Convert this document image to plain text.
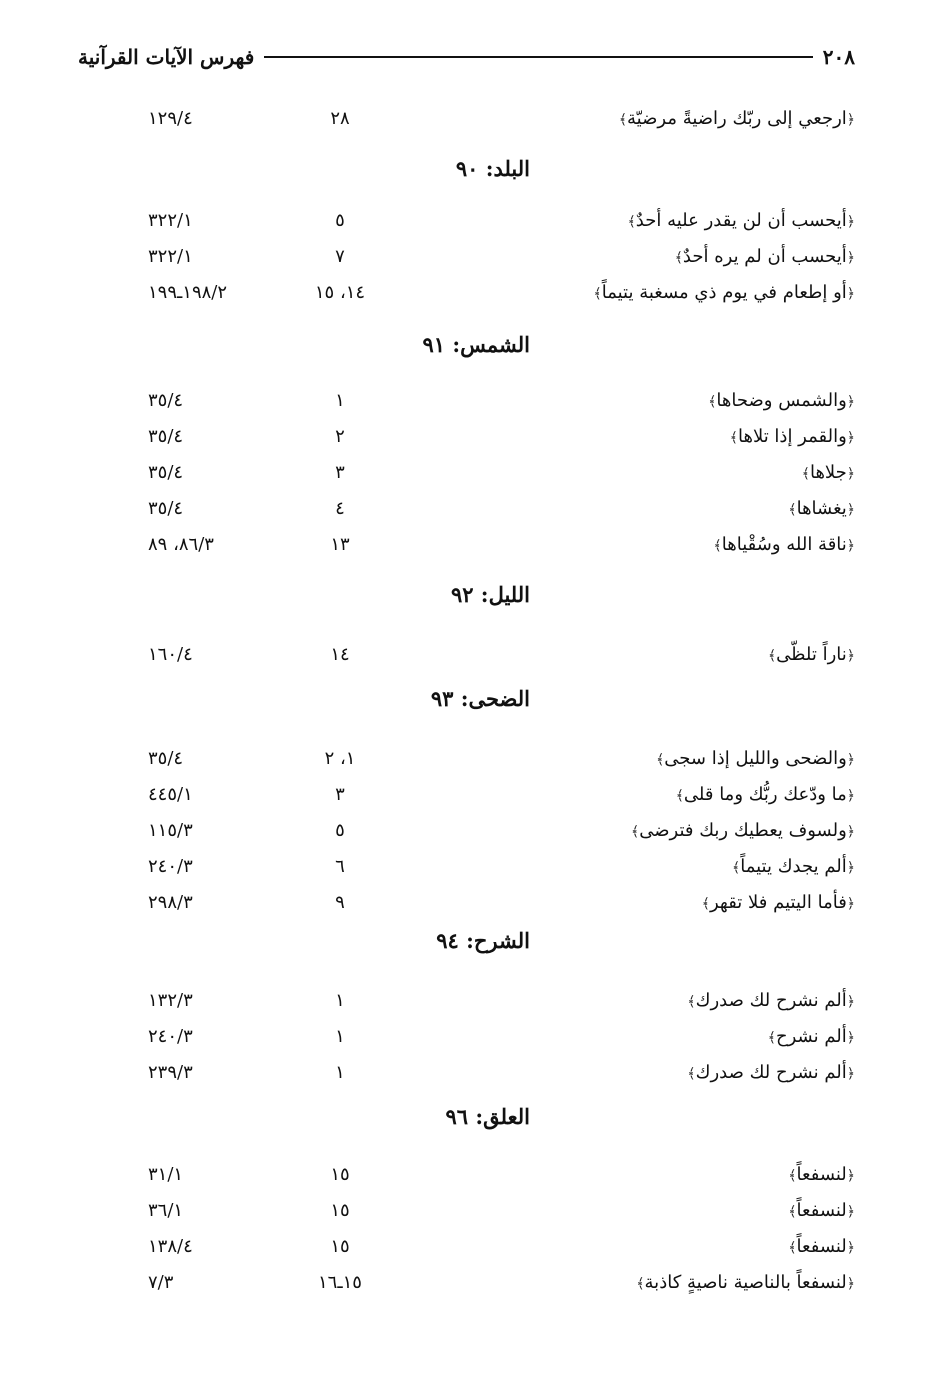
٢٠٨
فهرس الآيات القرآنية
﴿ارجعي إلى ربّك راضيةً مرضيّة﴾
٢٨
١٢٩/٤
البلد: ٩٠
﴿أيحسب أن لن يقدر عليه أحدٌ﴾
٥
٣٢٢/١
﴿أيحسب أن لم يره أحدٌ﴾
٧
٣٢٢/١
﴿أو إطعام في يوم ذي مسغبة يتيماً﴾
١٤، ١٥
١٩٨/٢ـ١٩٩
الشمس: ٩١
﴿والشمس وضحاها﴾
١
٣٥/٤
﴿والقمر إذا تلاها﴾
٢
٣٥/٤
﴿جلاها﴾
٣
٣٥/٤
﴿يغشاها﴾
٤
٣٥/٤
﴿ناقة الله وسُقْياها﴾
١٣
٨٦/٣، ٨٩
الليل: ٩٢
﴿ناراً تلظّى﴾
١٤
١٦٠/٤
الضحى: ٩٣
﴿والضحى والليل إذا سجى﴾
١، ٢
٣٥/٤
﴿ما ودّعك ربُّك وما قلى﴾
٣
٤٤٥/١
﴿ولسوف يعطيك ربك فترضى﴾
٥
١١٥/٣
﴿ألم يجدك يتيماً﴾
٦
٢٤٠/٣
﴿فأما اليتيم فلا تقهر﴾
٩
٢٩٨/٣
الشرح: ٩٤
﴿ألم نشرح لك صدرك﴾
١
١٣٢/٣
﴿ألم نشرح﴾
١
٢٤٠/٣
﴿ألم نشرح لك صدرك﴾
١
٢٣٩/٣
العلق: ٩٦
﴿لنسفعاً﴾
١٥
٣١/١
﴿لنسفعاً﴾
١٥
٣٦/١
﴿لنسفعاً﴾
١٥
١٣٨/٤
﴿لنسفعاً بالناصية ناصيةٍ كاذبة﴾
١٥ـ١٦
٧/٣
